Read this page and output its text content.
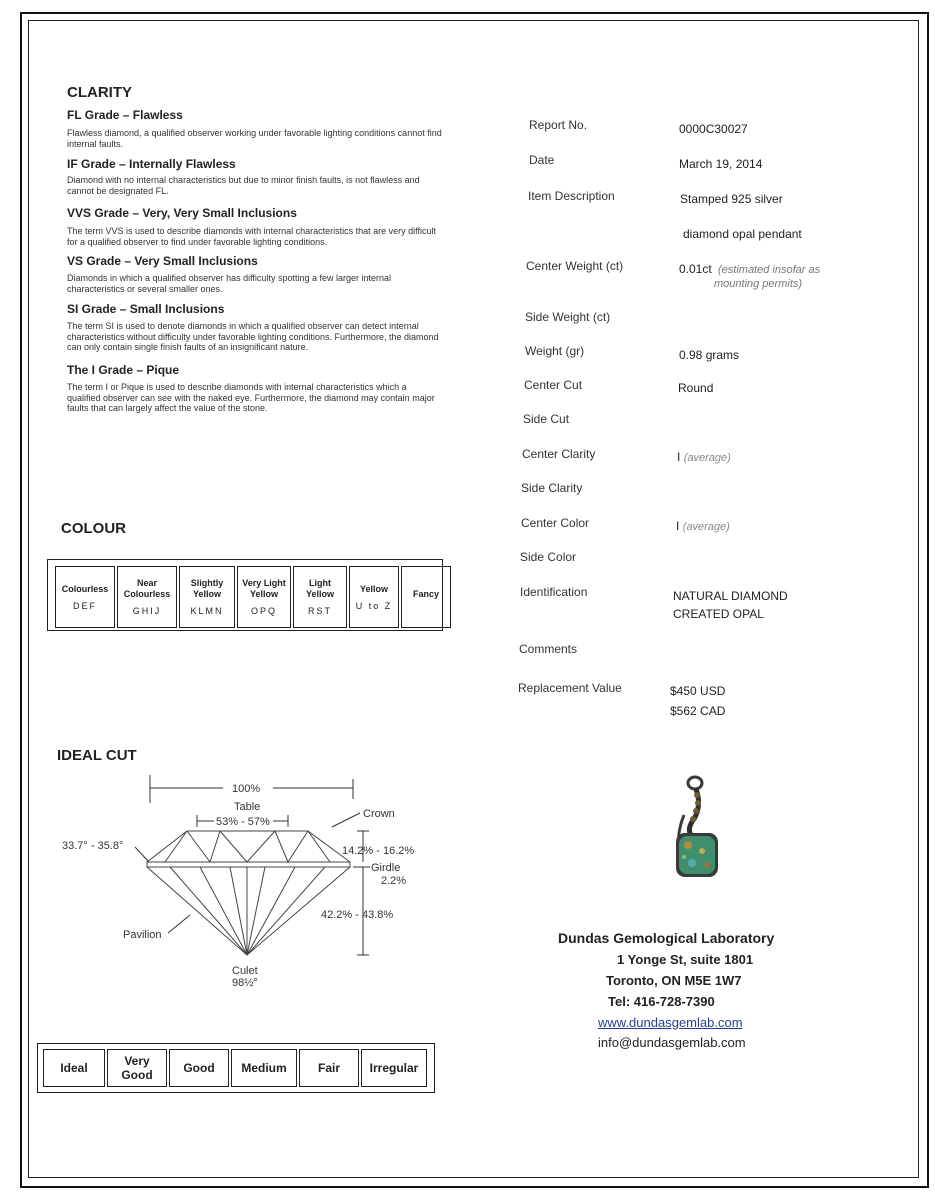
CLARITY
FL Grade – Flawless
Flawless diamond, a qualified observer working under favorable lighting conditions cannot find internal faults.
IF Grade – Internally Flawless
Diamond with no internal characteristics but due to minor finish faults, is not flawless and cannot be designated FL.
VVS Grade – Very, Very Small Inclusions
The term VVS is used to describe diamonds with internal characteristics that are very difficult for a qualified observer to find under favorable lighting conditions.
VS Grade – Very Small Inclusions
Diamonds in which a qualified observer has difficulty spotting a few larger internal characteristics or several smaller ones.
SI Grade – Small Inclusions
The term SI is used to denote diamonds in which a qualified observer can detect internal characteristics without difficulty under favorable lighting conditions. Furthermore, the diamond can only contain single finish faults of an insignificant nature.
The I Grade – Pique
The term I or Pique is used to describe diamonds with internal characteristics which a qualified observer can see with the naked eye. Furthermore, the diamond may contain major faults that can largely affect the value of the stone.
COLOUR
Colourless
DEF

Near Colourless
GHIJ

Slightly Yellow
KLMN

Very Light Yellow
OPQ

Light Yellow
RST

Yellow
U to Z

Fancy
IDEAL CUT
100%
Table
53% - 57%
Crown
33.7° - 35.8°	14.2% - 16.2%
Girdle
2.2%
42.2% - 43.8%
Pavilion
Culet
98½°
Ideal	Very Good	Good	Medium	Fair	Irregular
Report No.	0000C30027
Date	March 19, 2014
Item Description	Stamped 925 silver
diamond opal pendant
Center Weight (ct)	0.01ct (estimated insofar as mounting permits)
Side Weight (ct)
Weight (gr)	0.98 grams
Center Cut	Round
Side Cut
Center Clarity	I (average)
Side Clarity
Center Color	I (average)
Side Color
Identification	NATURAL DIAMOND
CREATED OPAL
Comments
Replacement Value	$450 USD
$562 CAD
Dundas Gemological Laboratory
1 Yonge St, suite 1801
Toronto, ON M5E 1W7
Tel: 416-728-7390
www.dundasgemlab.com
info@dundasgemlab.com
